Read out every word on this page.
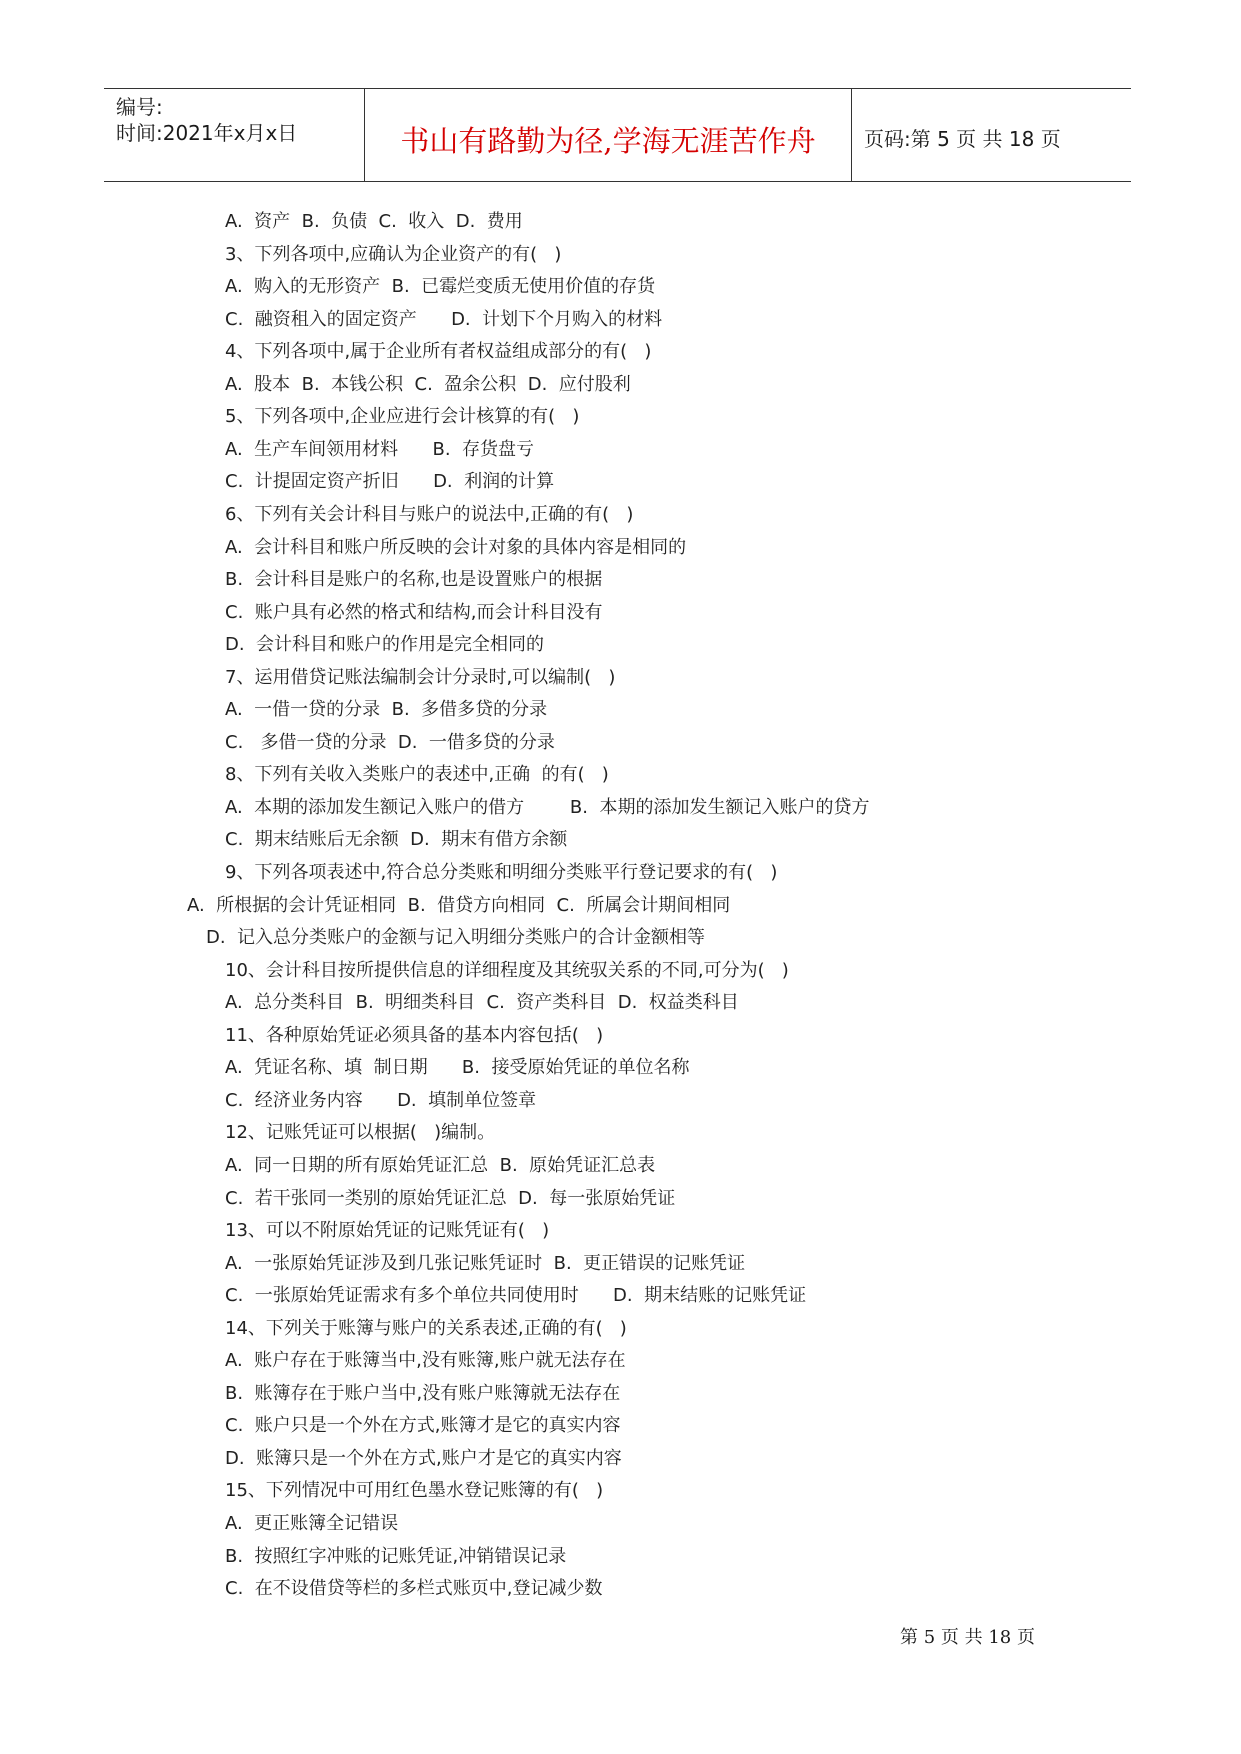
编号:
时间:2021年x月x日	书山有路勤为径,学海无涯苦作舟	页码:第 5 页 共 18 页
A.  资产  B.  负债  C.  收入  D.  费用
3、下列各项中,应确认为企业资产的有(   )
A.  购入的无形资产  B.  已霉烂变质无使用价值的存货
C.  融资租入的固定资产      D.  计划下个月购入的材料
4、下列各项中,属于企业所有者权益组成部分的有(   )
A.  股本  B.  本钱公积  C.  盈余公积  D.  应付股利
5、下列各项中,企业应进行会计核算的有(   )
A.  生产车间领用材料      B.  存货盘亏
C.  计提固定资产折旧      D.  利润的计算
6、下列有关会计科目与账户的说法中,正确的有(   )
A.  会计科目和账户所反映的会计对象的具体内容是相同的
B.  会计科目是账户的名称,也是设置账户的根据
C.  账户具有必然的格式和结构,而会计科目没有
D.  会计科目和账户的作用是完全相同的
7、运用借贷记账法编制会计分录时,可以编制(   )
A.  一借一贷的分录  B.  多借多贷的分录
C.   多借一贷的分录  D.  一借多贷的分录
8、下列有关收入类账户的表述中,正确  的有(   )
A.  本期的添加发生额记入账户的借方        B.  本期的添加发生额记入账户的贷方
C.  期末结账后无余额  D.  期末有借方余额
9、下列各项表述中,符合总分类账和明细分类账平行登记要求的有(   )
A.  所根据的会计凭证相同  B.  借贷方向相同  C.  所属会计期间相同
D.  记入总分类账户的金额与记入明细分类账户的合计金额相等
10、会计科目按所提供信息的详细程度及其统驭关系的不同,可分为(   )
A.  总分类科目  B.  明细类科目  C.  资产类科目  D.  权益类科目
11、各种原始凭证必须具备的基本内容包括(   )
A.  凭证名称、填  制日期      B.  接受原始凭证的单位名称
C.  经济业务内容      D.  填制单位签章
12、记账凭证可以根据(   )编制。
A.  同一日期的所有原始凭证汇总  B.  原始凭证汇总表
C.  若干张同一类别的原始凭证汇总  D.  每一张原始凭证
13、可以不附原始凭证的记账凭证有(   )
A.  一张原始凭证涉及到几张记账凭证时  B.  更正错误的记账凭证
C.  一张原始凭证需求有多个单位共同使用时      D.  期末结账的记账凭证
14、下列关于账簿与账户的关系表述,正确的有(   )
A.  账户存在于账簿当中,没有账簿,账户就无法存在
B.  账簿存在于账户当中,没有账户账簿就无法存在
C.  账户只是一个外在方式,账簿才是它的真实内容
D.  账簿只是一个外在方式,账户才是它的真实内容
15、下列情况中可用红色墨水登记账簿的有(   )
A.  更正账簿全记错误
B.  按照红字冲账的记账凭证,冲销错误记录
C.  在不设借贷等栏的多栏式账页中,登记减少数
第 5 页 共 18 页
